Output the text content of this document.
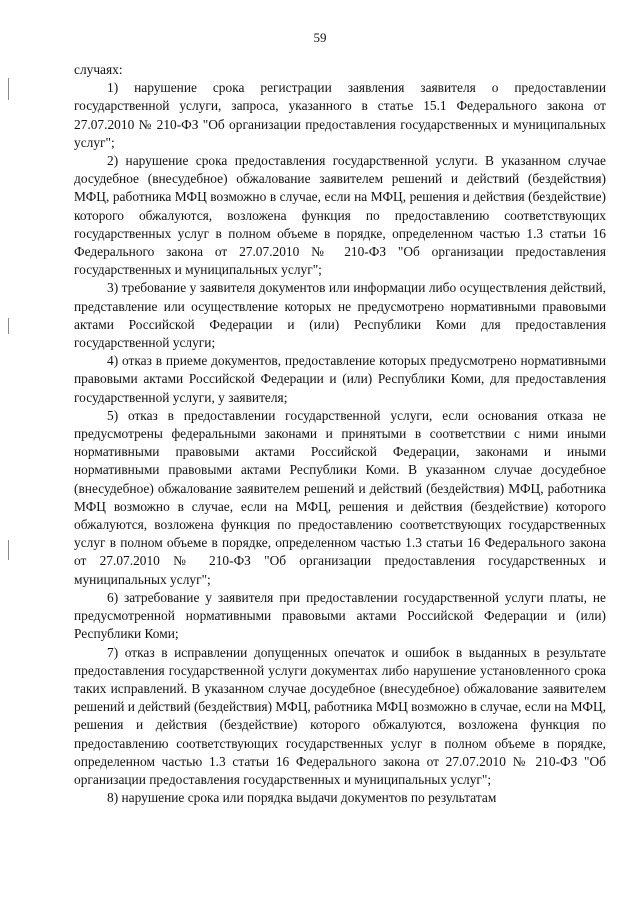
59

случаях:

1) нарушение срока регистрации заявления заявителя о предоставлении государственной услуги, запроса, указанного в статье 15.1 Федерального закона от 27.07.2010 № 210-ФЗ "Об организации предоставления государственных и муниципальных услуг";

2) нарушение срока предоставления государственной услуги. В указанном случае досудебное (внесудебное) обжалование заявителем решений и действий (бездействия) МФЦ, работника МФЦ возможно в случае, если на МФЦ, решения и действия (бездействие) которого обжалуются, возложена функция по предоставлению соответствующих государственных услуг в полном объеме в порядке, определенном частью 1.3 статьи 16 Федерального закона от 27.07.2010 № 210-ФЗ "Об организации предоставления государственных и муниципальных услуг";

3) требование у заявителя документов или информации либо осуществления действий, представление или осуществление которых не предусмотрено нормативными правовыми актами Российской Федерации и (или) Республики Коми для предоставления государственной услуги;

4) отказ в приеме документов, предоставление которых предусмотрено нормативными правовыми актами Российской Федерации и (или) Республики Коми, для предоставления государственной услуги, у заявителя;

5) отказ в предоставлении государственной услуги, если основания отказа не предусмотрены федеральными законами и принятыми в соответствии с ними иными нормативными правовыми актами Российской Федерации, законами и иными нормативными правовыми актами Республики Коми. В указанном случае досудебное (внесудебное) обжалование заявителем решений и действий (бездействия) МФЦ, работника МФЦ возможно в случае, если на МФЦ, решения и действия (бездействие) которого обжалуются, возложена функция по предоставлению соответствующих государственных услуг в полном объеме в порядке, определенном частью 1.3 статьи 16 Федерального закона от 27.07.2010 № 210-ФЗ "Об организации предоставления государственных и муниципальных услуг";

6) затребование у заявителя при предоставлении государственной услуги платы, не предусмотренной нормативными правовыми актами Российской Федерации и (или) Республики Коми;

7) отказ в исправлении допущенных опечаток и ошибок в выданных в результате предоставления государственной услуги документах либо нарушение установленного срока таких исправлений. В указанном случае досудебное (внесудебное) обжалование заявителем решений и действий (бездействия) МФЦ, работника МФЦ возможно в случае, если на МФЦ, решения и действия (бездействие) которого обжалуются, возложена функция по предоставлению соответствующих государственных услуг в полном объеме в порядке, определенном частью 1.3 статьи 16 Федерального закона от 27.07.2010 № 210-ФЗ "Об организации предоставления государственных и муниципальных услуг";

8) нарушение срока или порядка выдачи документов по результатам
